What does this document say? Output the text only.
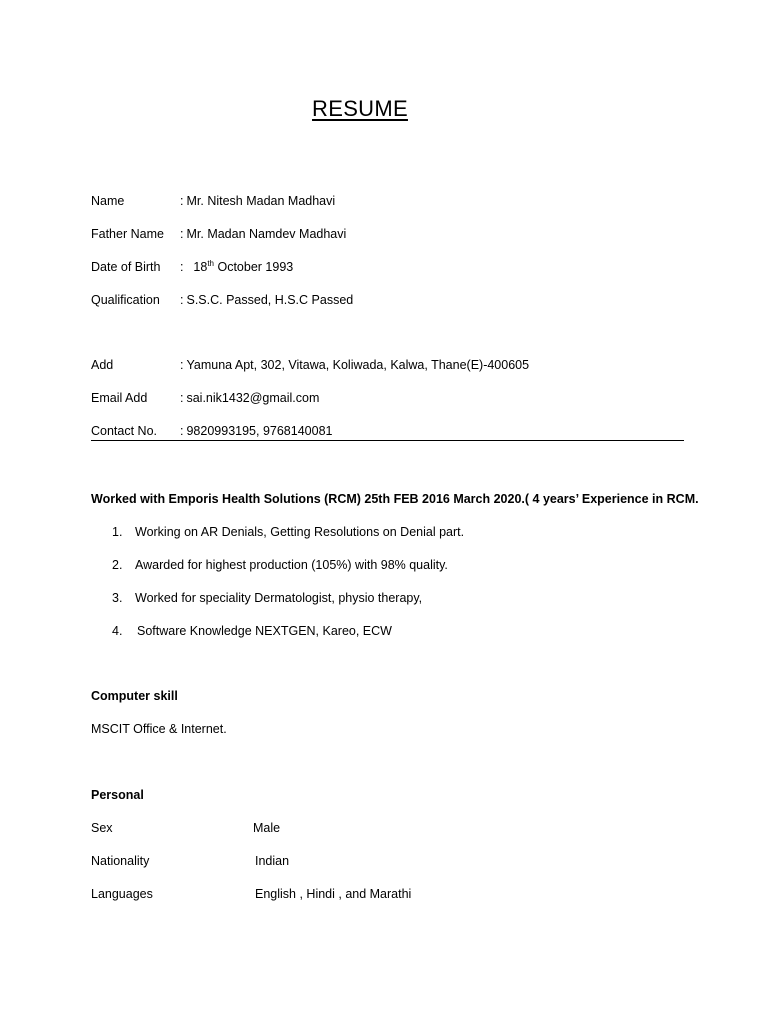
RESUME
Name	: Mr. Nitesh Madan Madhavi
Father Name : Mr. Madan Namdev Madhavi
Date of Birth :  18th October 1993
Qualification : S.S.C. Passed, H.S.C Passed
Add	: Yamuna Apt, 302, Vitawa, Koliwada, Kalwa, Thane(E)-400605
Email Add	: sai.nik1432@gmail.com
Contact No. : 9820993195, 9768140081
Worked with Emporis Health Solutions (RCM) 25th FEB 2016 March 2020.( 4 years’ Experience in RCM.
1. Working on AR Denials, Getting Resolutions on Denial part.
2. Awarded for highest production (105%) with 98% quality.
3. Worked for speciality Dermatologist, physio therapy,
4. Software Knowledge NEXTGEN, Kareo, ECW
Computer skill
MSCIT Office & Internet.
Personal
Sex	Male
Nationality	Indian
Languages	English , Hindi , and Marathi
